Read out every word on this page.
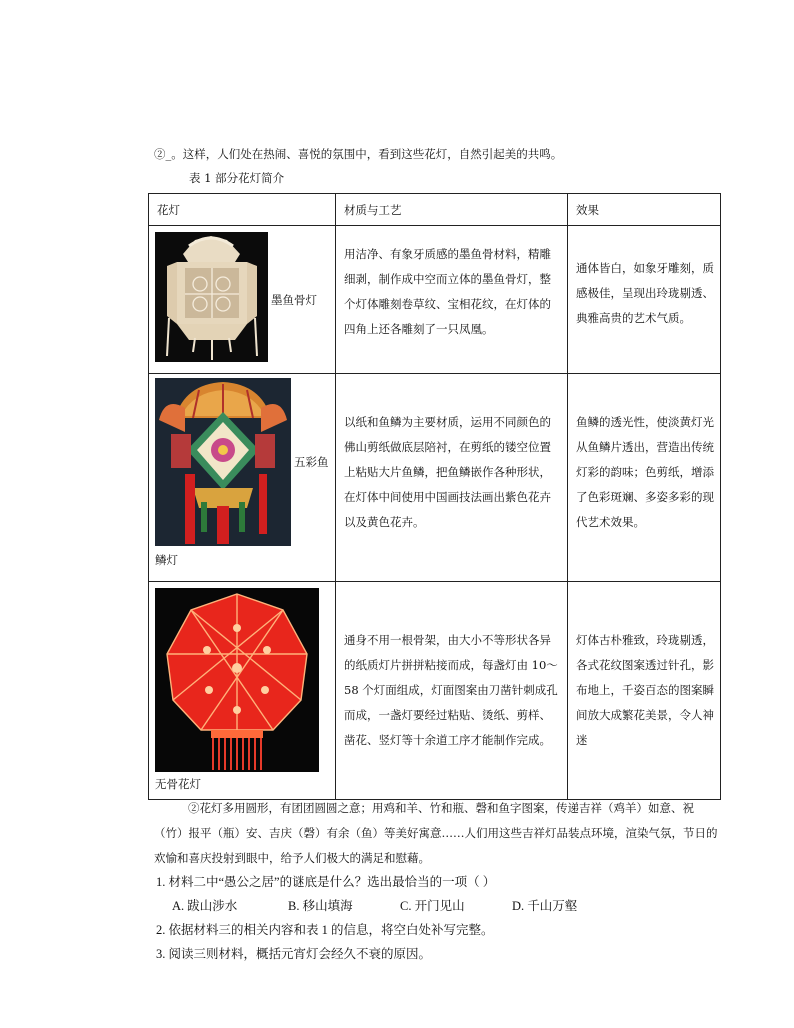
②_。这样，人们处在热闹、喜悦的氛围中，看到这些花灯，自然引起美的共鸣。
表 1 部分花灯简介
花灯	材质与工艺	效果

墨鱼骨灯	用洁净、有象牙质感的墨鱼骨材料，精雕细剥，制作成中空而立体的墨鱼骨灯，整个灯体雕刻卷草纹、宝相花纹，在灯体的四角上还各雕刻了一只凤凰。	通体皆白，如象牙雕刻，质感极佳，呈现出玲珑剔透、典雅高贵的艺术气质。

五彩鱼
鳞灯	以纸和鱼鳞为主要材质，运用不同颜色的佛山剪纸做底层陪衬，在剪纸的镂空位置上粘贴大片鱼鳞，把鱼鳞嵌作各种形状，在灯体中间使用中国画技法画出紫色花卉以及黄色花卉。	鱼鳞的透光性，使淡黄灯光从鱼鳞片透出，营造出传统灯彩的韵味；色剪纸，增添了色彩斑斓、多姿多彩的现代艺术效果。

无骨花灯	通身不用一根骨架，由大小不等形状各异的纸质灯片拼拼粘接而成，每盏灯由 10～58 个灯面组成，灯面图案由刀凿针刺成孔而成，一盏灯要经过粘贴、烫纸、剪样、凿花、竖灯等十余道工序才能制作完成。	灯体古朴雅致，玲珑剔透，各式花纹图案透过针孔，影布地上，千姿百态的图案瞬间放大成繁花美景，令人神迷
②花灯多用圆形，有团团圆圆之意；用鸡和羊、竹和瓶、磬和鱼字图案，传递吉祥（鸡羊）如意、祝（竹）报平（瓶）安、吉庆（磬）有余（鱼）等美好寓意……人们用这些吉祥灯品装点环境，渲染气氛，节日的欢愉和喜庆投射到眼中，给予人们极大的满足和慰藉。
1. 材料二中“愚公之居”的谜底是什么？选出最恰当的一项（ ）
A. 跋山涉水	B. 移山填海	C. 开门见山	D. 千山万壑
2. 依据材料三的相关内容和表 1 的信息，将空白处补写完整。
3. 阅读三则材料，概括元宵灯会经久不衰的原因。
